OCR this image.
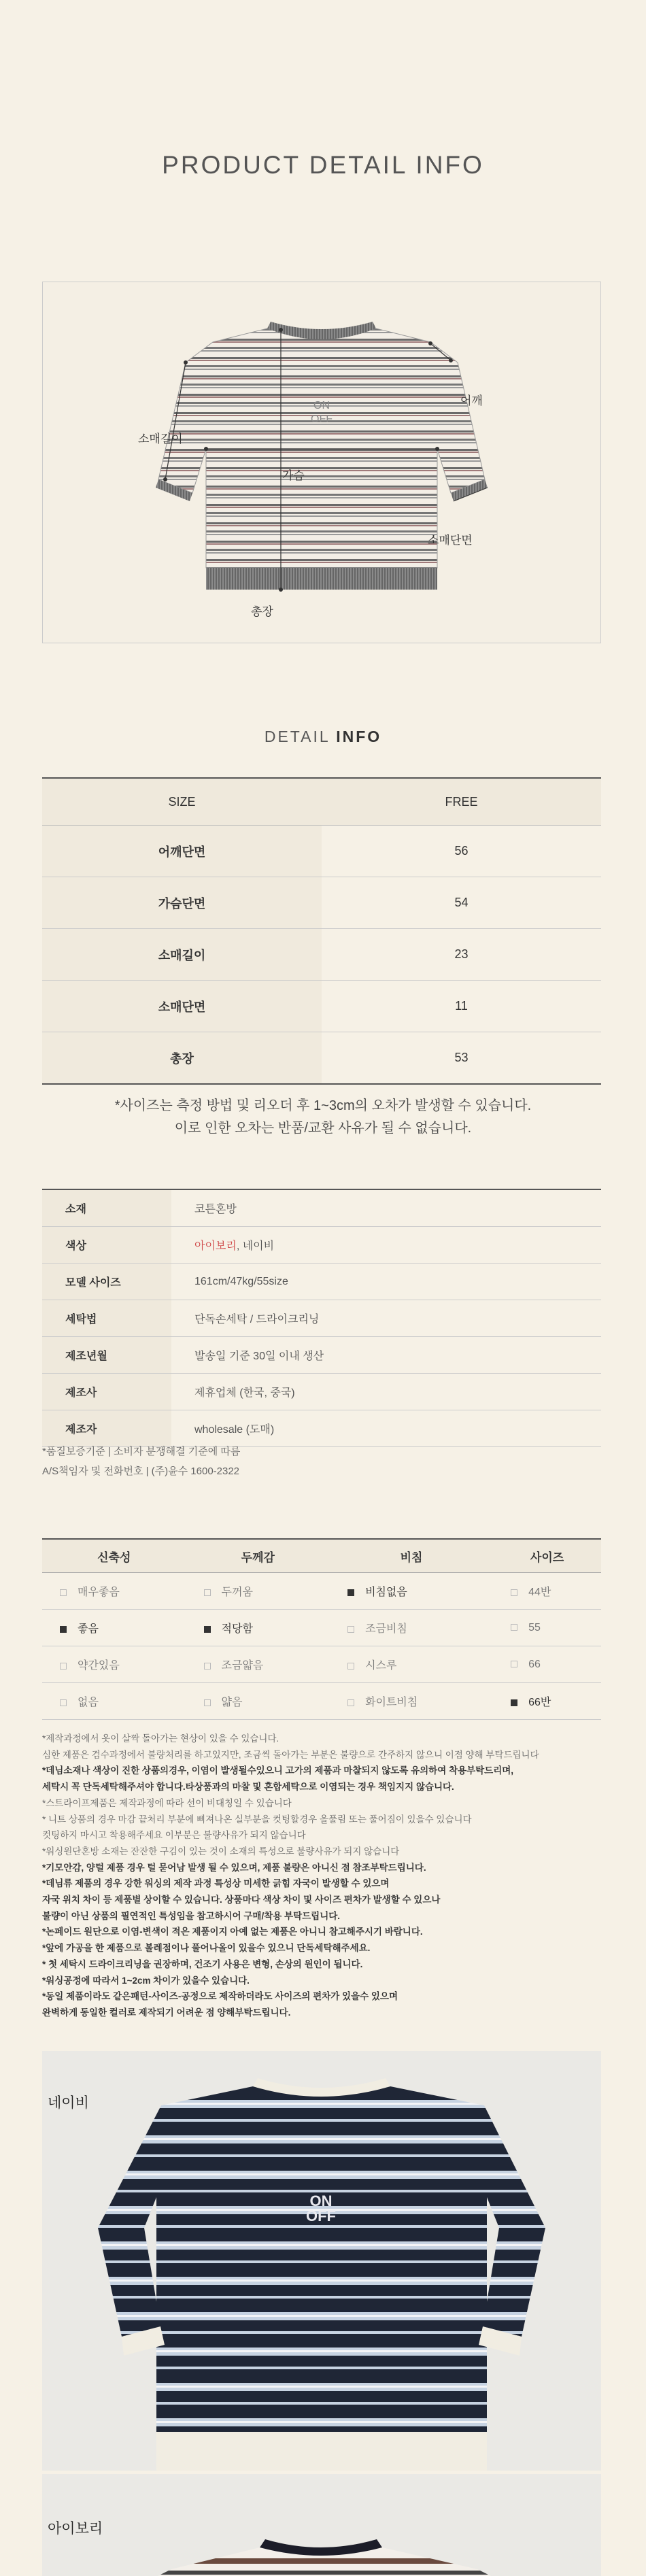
PRODUCT DETAIL INFO
ON
OFF
어깨
소매길이
가슴
소매단면
총장
DETAIL INFO
SIZE	FREE
어깨단면	56
가슴단면	54
소매길이	23
소매단면	11
총장	53
*사이즈는 측정 방법 및 리오더 후 1~3cm의 오차가 발생할 수 있습니다.
이로 인한 오차는 반품/교환 사유가 될 수 없습니다.
소재	코튼혼방
색상	아이보리, 네이비
모델 사이즈	161cm/47kg/55size
세탁법	단독손세탁 / 드라이크리닝
제조년월	발송일 기준 30일 이내 생산
제조사	제휴업체 (한국, 중국)
제조자	wholesale (도매)
*품질보증기준 | 소비자 분쟁해결 기준에 따름
A/S책임자 및 전화번호 | (주)윤수 1600-2322
신축성	두께감	비침	사이즈
매우좋음	두꺼움	비침없음	44반
좋음	적당함	조금비침	55
약간있음	조금얇음	시스루	66
없음	얇음	화이트비침	66반
*제작과정에서 옷이 살짝 돌아가는 현상이 있을 수 있습니다.
심한 제품은 검수과정에서 불량처리를 하고있지만, 조금씩 돌아가는 부분은 불량으로 간주하지 않으니 이점 양해 부탁드립니다
*데님소재나 색상이 진한 상품의경우, 이염이 발생될수있으니 고가의 제품과 마찰되지 않도록 유의하여 착용부탁드리며,
세탁시 꼭 단독세탁해주셔야 합니다.타상품과의 마찰 및 혼합세탁으로 이염되는 경우 책임지지 않습니다.
*스트라이프제품은 제작과정에 따라 선이 비대칭일 수 있습니다
* 니트 상품의 경우 마감 끝처리 부분에 삐져나온 실부분을 컷팅할경우 올풀림 또는 풀어짐이 있을수 있습니다
컷팅하지 마시고 착용해주세요 이부분은 불량사유가 되지 않습니다
*워싱원단혼방 소재는 잔잔한 구김이 있는 것이 소재의 특성으로 불량사유가 되지 않습니다
*기모안감, 양털 제품 경우 털 묻어남 발생 될 수 있으며, 제품 불량은 아니신 점 참조부탁드립니다.
*데님류 제품의 경우 강한 워싱의 제작 과정 특성상 미세한 긁힘 자국이 발생할 수 있으며
자국 위치 차이 등 제품별 상이할 수 있습니다. 상품마다 색상 차이 및 사이즈 편차가 발생할 수 있으나
불량이 아닌 상품의 필연적인 특성임을 참고하시어 구매/착용 부탁드립니다.
*논페이드 원단으로 이염-변색이 적은 제품이지 아예 없는 제품은 아니니 참고해주시기 바랍니다.
*앞에 가공을 한 제품으로 볼레점이나 풀어나올이 있을수 있으니 단독세탁해주세요.
* 첫 세탁시 드라이크리닝을 권장하며, 건조기 사용은 변형, 손상의 원인이 됩니다.
*워싱공정에 따라서 1~2cm 차이가 있을수 있습니다.
*동일 제품이라도 같은패턴-사이즈-공정으로 제작하더라도 사이즈의 편차가 있을수 있으며
완벽하게 동일한 컬러로 제작되기 어려운 점 양해부탁드립니다.
네이비
ON
OFF
아이보리
